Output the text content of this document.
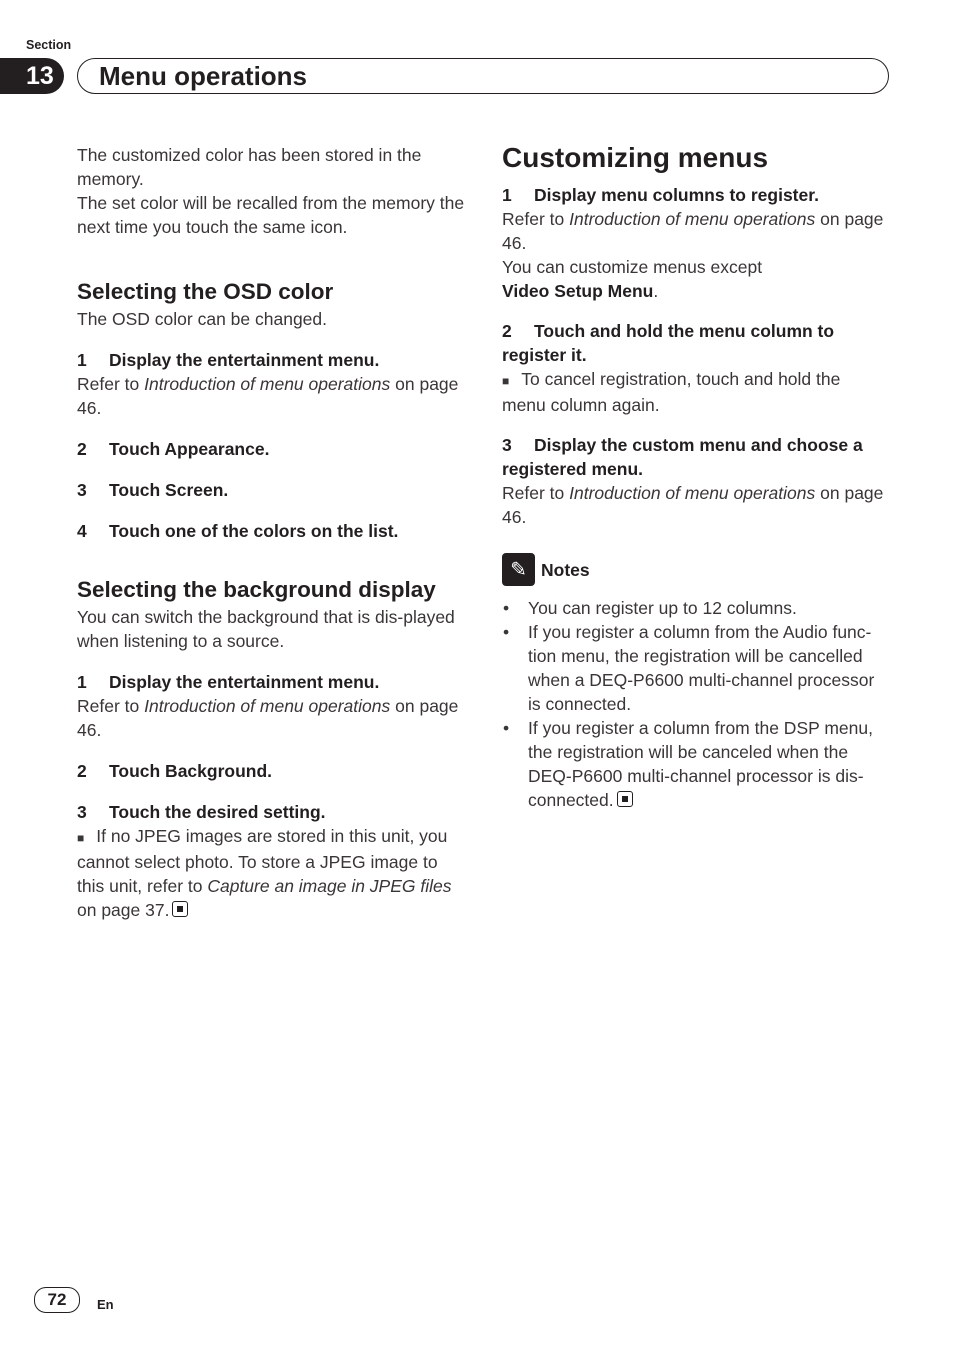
Section
13	Menu operations

The customized color has been stored in the memory.

The set color will be recalled from the memory the next time you touch the same icon.

Selecting the OSD color

The OSD color can be changed.

1 Display the entertainment menu.

Refer to Introduction of menu operations on page 46.

2 Touch Appearance.

3 Touch Screen.

4 Touch one of the colors on the list.

Selecting the background display

You can switch the background that is dis-played when listening to a source.

1 Display the entertainment menu.

Refer to Introduction of menu operations on page 46.

2 Touch Background.

3 Touch the desired setting.

■ If no JPEG images are stored in this unit, you cannot select photo. To store a JPEG image to this unit, refer to Capture an image in JPEG files on page 37.

Customizing menus

1 Display menu columns to register.

Refer to Introduction of menu operations on page 46.

You can customize menus except

Video Setup Menu.

2 Touch and hold the menu column to register it.

■ To cancel registration, touch and hold the menu column again.

3 Display the custom menu and choose a registered menu.

Refer to Introduction of menu operations on page 46.

✎ Notes
• You can register up to 12 columns.
• If you register a column from the Audio func-tion menu, the registration will be cancelled when a DEQ-P6600 multi-channel processor is connected.
• If you register a column from the DSP menu, the registration will be canceled when the DEQ-P6600 multi-channel processor is dis-connected.
72	En
